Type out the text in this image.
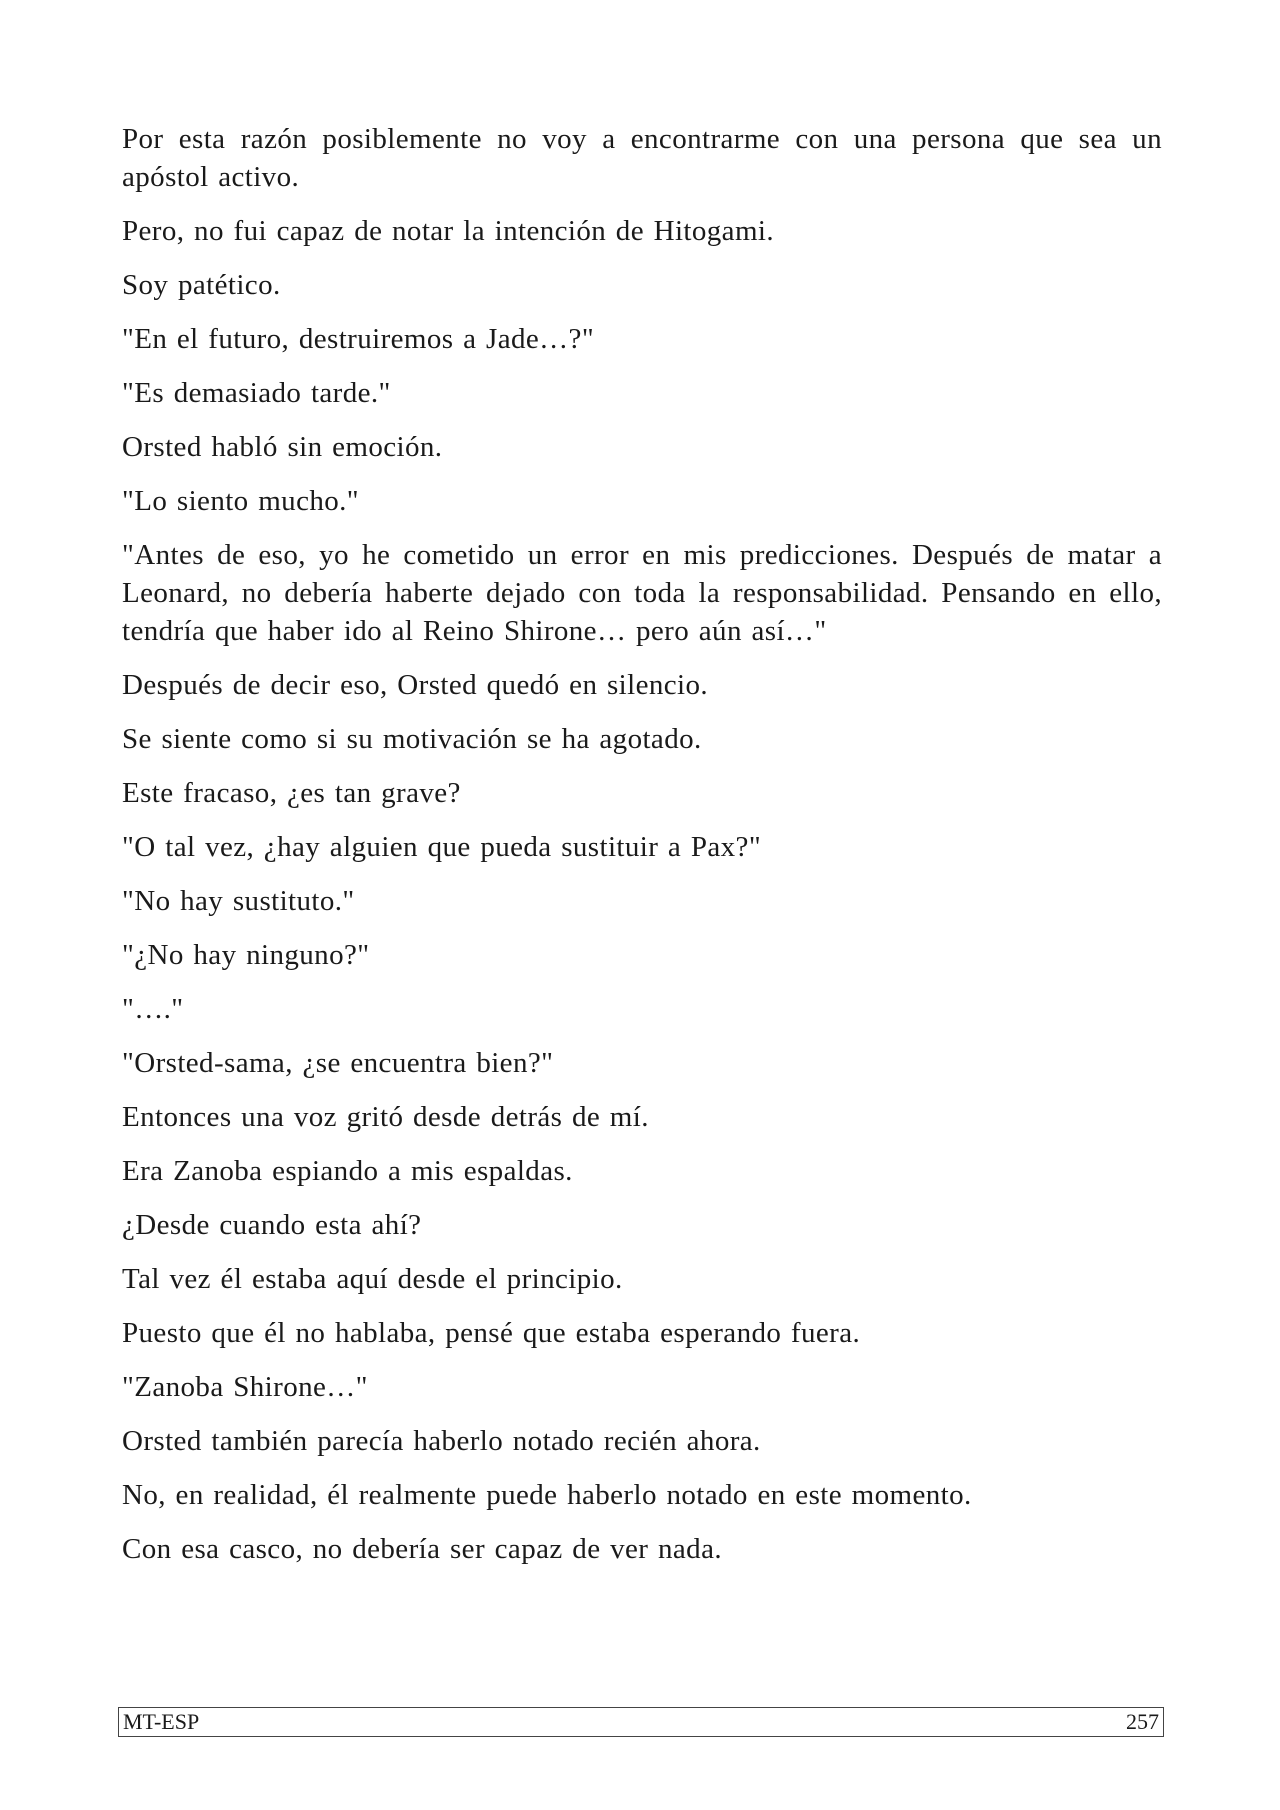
Por esta razón posiblemente no voy a encontrarme con una persona que sea un apóstol activo.

Pero, no fui capaz de notar la intención de Hitogami.

Soy patético.

"En el futuro, destruiremos a Jade…?"

"Es demasiado tarde."

Orsted habló sin emoción.

"Lo siento mucho."

"Antes de eso, yo he cometido un error en mis predicciones. Después de matar a Leonard, no debería haberte dejado con toda la responsabilidad. Pensando en ello, tendría que haber ido al Reino Shirone… pero aún así…"

Después de decir eso, Orsted quedó en silencio.

Se siente como si su motivación se ha agotado.

Este fracaso, ¿es tan grave?

"O tal vez, ¿hay alguien que pueda sustituir a Pax?"

"No hay sustituto."

"¿No hay ninguno?"

"…."

"Orsted-sama, ¿se encuentra bien?"

Entonces una voz gritó desde detrás de mí.

Era Zanoba espiando a mis espaldas.

¿Desde cuando esta ahí?

Tal vez él estaba aquí desde el principio.

Puesto que él no hablaba, pensé que estaba esperando fuera.

"Zanoba Shirone…"

Orsted también parecía haberlo notado recién ahora.

No, en realidad, él realmente puede haberlo notado en este momento.

Con esa casco, no debería ser capaz de ver nada.

MT-ESP	257
